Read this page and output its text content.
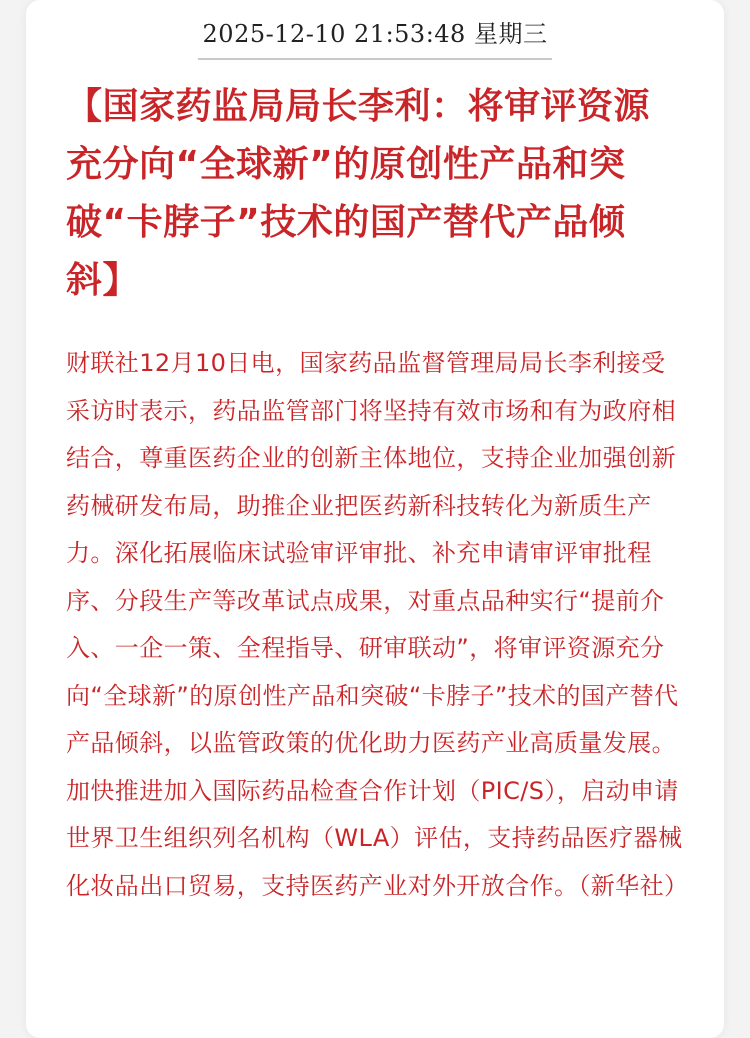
2025-12-10 21:53:48 星期三
【国家药监局局长李利：将审评资源充分向“全球新”的原创性产品和突破“卡脖子”技术的国产替代产品倾斜】

财联社12月10日电，国家药品监督管理局局长李利接受采访时表示，药品监管部门将坚持有效市场和有为政府相结合，尊重医药企业的创新主体地位，支持企业加强创新药械研发布局，助推企业把医药新科技转化为新质生产力。深化拓展临床试验审评审批、补充申请审评审批程序、分段生产等改革试点成果，对重点品种实行“提前介入、一企一策、全程指导、研审联动”，将审评资源充分向“全球新”的原创性产品和突破“卡脖子”技术的国产替代产品倾斜，以监管政策的优化助力医药产业高质量发展。加快推进加入国际药品检查合作计划（PIC/S），启动申请世界卫生组织列名机构（WLA）评估，支持药品医疗器械化妆品出口贸易，支持医药产业对外开放合作。（新华社）
